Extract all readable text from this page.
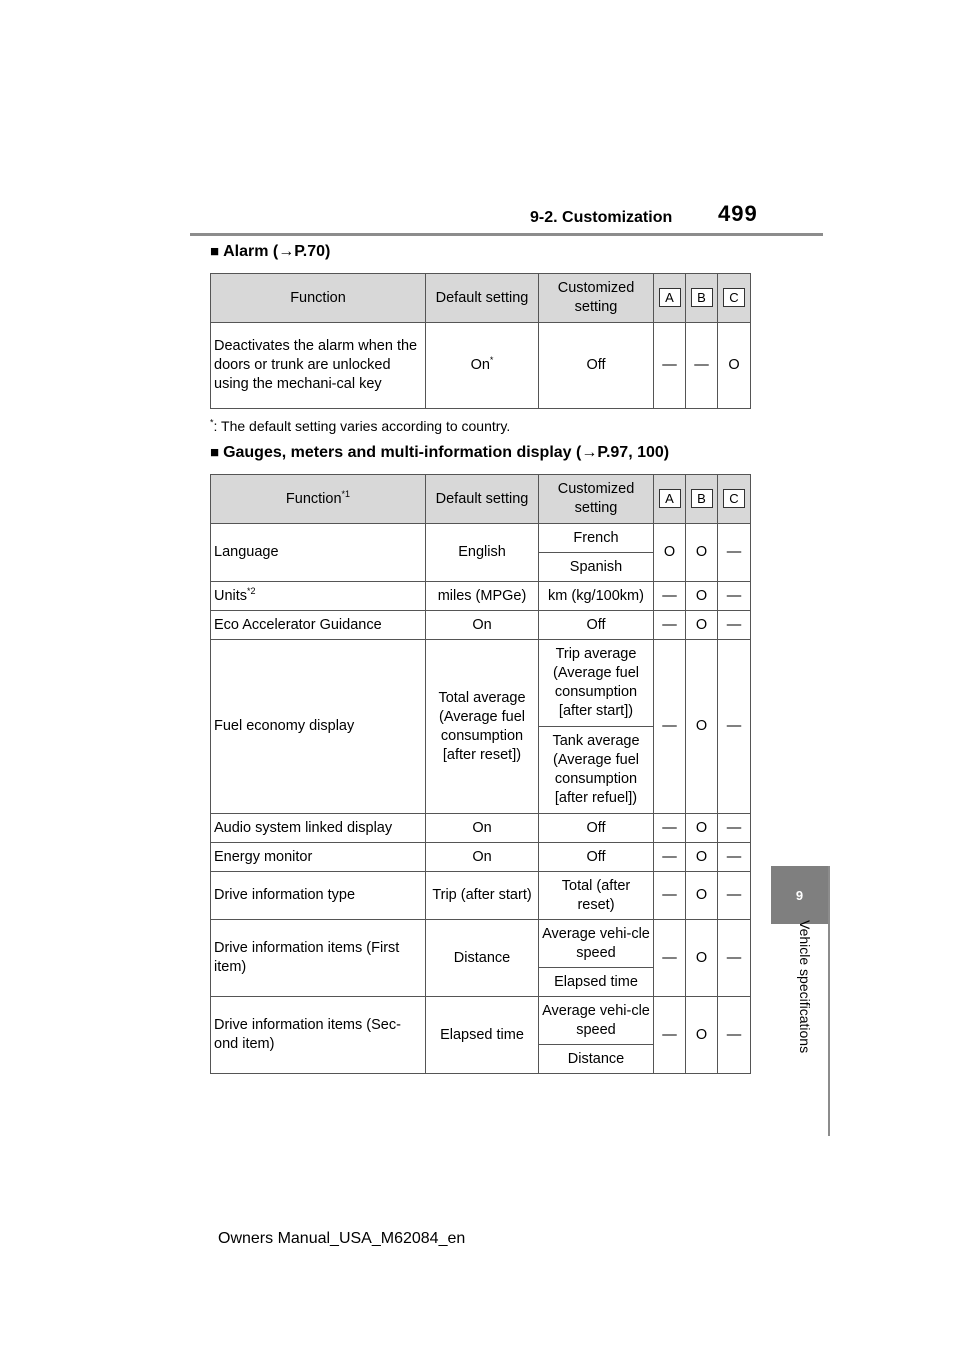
9-2. Customization 499
9
Vehicle specifications
■ Alarm (→P.70)
Function	Default setting	Customized setting	A	B	C
Deactivates the alarm when the doors or trunk are unlocked using the mechani-cal key	On*	Off	—	—	O
*: The default setting varies according to country.
■ Gauges, meters and multi-information display (→P.97, 100)
Function$^{*1}$	Default setting	Customized setting	A	B	C
Language	English	French	O	O	—
		Spanish			
Units$^{*2}$	miles (MPGe)	km (kg/100km)	—	O	—
Eco Accelerator Guidance	On	Off	—	O	—
Fuel economy display	Total average (Average fuel consumption [after reset])	Trip average (Average fuel consumption [after start])	—	O	—
		Tank average (Average fuel consumption [after refuel])			
Audio system linked display	On	Off	—	O	—
Energy monitor	On	Off	—	O	—
Drive information type	Trip (after start)	Total (after reset)	—	O	—
Drive information items (First item)	Distance	Average vehi-cle speed	—	O	—
		Elapsed time			
Drive information items (Sec-ond item)	Elapsed time	Average vehi-cle speed	—	O	—
		Distance			
Owners Manual_USA_M62084_en
